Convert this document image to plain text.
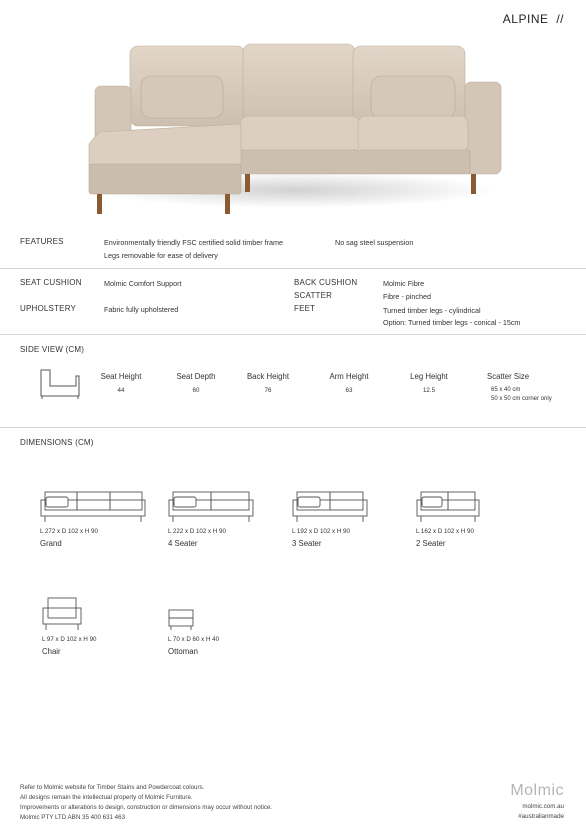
ALPINE //
FEATURES	Environmentally friendly FSC certified solid timber frame
Legs removable for ease of delivery
No sag steel suspension
SEAT CUSHION	Molmic Comfort Support
UPHOLSTERY	Fabric fully upholstered
BACK CUSHION	Molmic Fibre
SCATTER	Fibre - pinched
FEET	Turned timber legs - cylindrical
Option: Turned timber legs - conical - 15cm
SIDE VIEW (CM)
Seat Height
44
Seat Depth
60
Back Height
76
Arm Height
63
Leg Height
12.5
Scatter Size
65 x 40 cm
50 x 50 cm corner only
DIMENSIONS (CM)
L 272 x D 102 x H 90
Grand
L 222 x D 102 x H 90
4 Seater
L 192 x D 102 x H 90
3 Seater
L 162 x D 102 x H 90
2 Seater
L 97 x D 102 x H 90
Chair
L 70 x D 60 x H 40
Ottoman
Refer to Molmic website for Timber Stains and Powdercoat colours.
All designs remain the intellectual property of Molmic Furniture.
Improvements or alterations to design, construction or dimensions may occur without notice.
Molmic PTY LTD ABN 35 400 631 463
Molmic
molmic.com.au
#australianmade
